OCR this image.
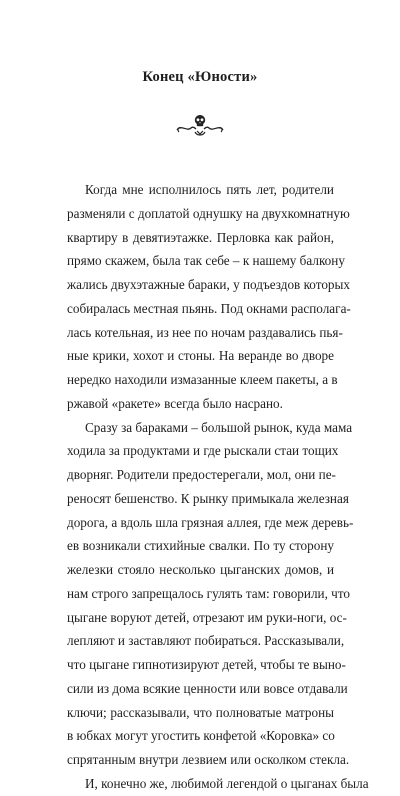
Конец «Юности»
Когда мне исполнилось пять лет, родители
разменяли с доплатой однушку на двухкомнатную
квартиру в девятиэтажке. Перловка как район,
прямо скажем, была так себе – к нашему балкону
жались двухэтажные бараки, у подъездов которых
собиралась местная пьянь. Под окнами располага-
лась котельная, из нее по ночам раздавались пья-
ные крики, хохот и стоны. На веранде во дворе
нередко находили измазанные клеем пакеты, а в
ржавой «ракете» всегда было насрано.
Сразу за бараками – большой рынок, куда мама
ходила за продуктами и где рыскали стаи тощих
дворняг. Родители предостерегали, мол, они пе-
реносят бешенство. К рынку примыкала железная
дорога, а вдоль шла грязная аллея, где меж деревь-
ев возникали стихийные свалки. По ту сторону
железки стояло несколько цыганских домов, и
нам строго запрещалось гулять там: говорили, что
цыгане воруют детей, отрезают им руки-ноги, ос-
лепляют и заставляют побираться. Рассказывали,
что цыгане гипнотизируют детей, чтобы те выно-
сили из дома всякие ценности или вовсе отдавали
ключи; рассказывали, что полноватые матроны
в юбках могут угостить конфетой «Коровка» со
спрятанным внутри лезвием или осколком стекла.
И, конечно же, любимой легендой о цыганах была
